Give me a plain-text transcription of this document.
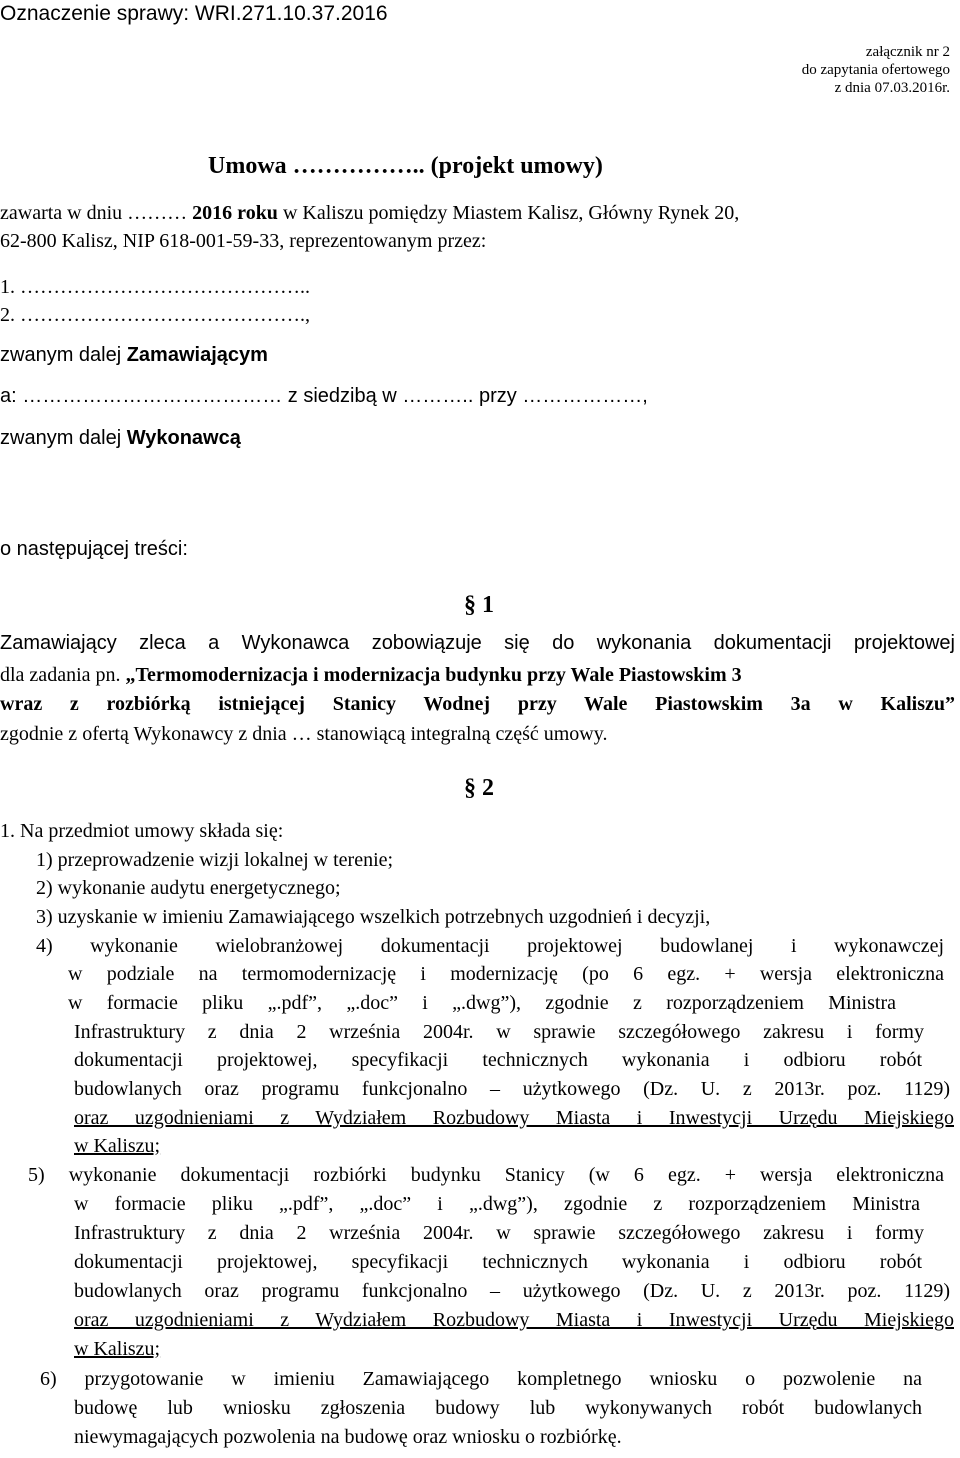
Oznaczenie sprawy: WRI.271.10.37.2016
załącznik nr 2
do zapytania ofertowego
z dnia 07.03.2016r.
Umowa …………….. (projekt umowy)
zawarta w dniu ……… 2016 roku w Kaliszu pomiędzy Miastem Kalisz, Główny Rynek 20,
62-800 Kalisz, NIP 618-001-59-33, reprezentowanym przez:
1. ……………………………………..
2. …………………………………….,
zwanym dalej Zamawiającym
a: ………………………………… z siedzibą w ……….. przy ………………,
zwanym dalej Wykonawcą
o następującej treści:
§ 1
Zamawiający zleca a Wykonawca zobowiązuje się do wykonania dokumentacji projektowej
dla zadania pn. „Termomodernizacja i modernizacja budynku przy Wale Piastowskim 3
wraz z rozbiórką istniejącej Stanicy Wodnej przy Wale Piastowskim 3a w Kaliszu”
zgodnie z ofertą Wykonawcy z dnia … stanowiącą integralną część umowy.
§ 2
1. Na przedmiot umowy składa się:
1) przeprowadzenie wizji lokalnej w terenie;
2) wykonanie audytu energetycznego;
3) uzyskanie w imieniu Zamawiającego wszelkich potrzebnych uzgodnień i decyzji,
4) wykonanie wielobranżowej dokumentacji projektowej budowlanej i wykonawczej
w podziale na termomodernizację i modernizację (po 6 egz. + wersja elektroniczna
w formacie pliku „.pdf”, „.doc” i „.dwg”), zgodnie z rozporządzeniem Ministra
Infrastruktury z dnia 2 września 2004r. w sprawie szczegółowego zakresu i formy
dokumentacji projektowej, specyfikacji technicznych wykonania i odbioru robót
budowlanych oraz programu funkcjonalno – użytkowego (Dz. U. z 2013r. poz. 1129)
oraz uzgodnieniami z Wydziałem Rozbudowy Miasta i Inwestycji Urzędu Miejskiego
w Kaliszu;
5) wykonanie dokumentacji rozbiórki budynku Stanicy (w 6 egz. + wersja elektroniczna
w formacie pliku „.pdf”, „.doc” i „.dwg”), zgodnie z rozporządzeniem Ministra
Infrastruktury z dnia 2 września 2004r. w sprawie szczegółowego zakresu i formy
dokumentacji projektowej, specyfikacji technicznych wykonania i odbioru robót
budowlanych oraz programu funkcjonalno – użytkowego (Dz. U. z 2013r. poz. 1129)
oraz uzgodnieniami z Wydziałem Rozbudowy Miasta i Inwestycji Urzędu Miejskiego
w Kaliszu;
6) przygotowanie w imieniu Zamawiającego kompletnego wniosku o pozwolenie na
budowę lub wniosku zgłoszenia budowy lub wykonywanych robót budowlanych
niewymagających pozwolenia na budowę oraz wniosku o rozbiórkę.
